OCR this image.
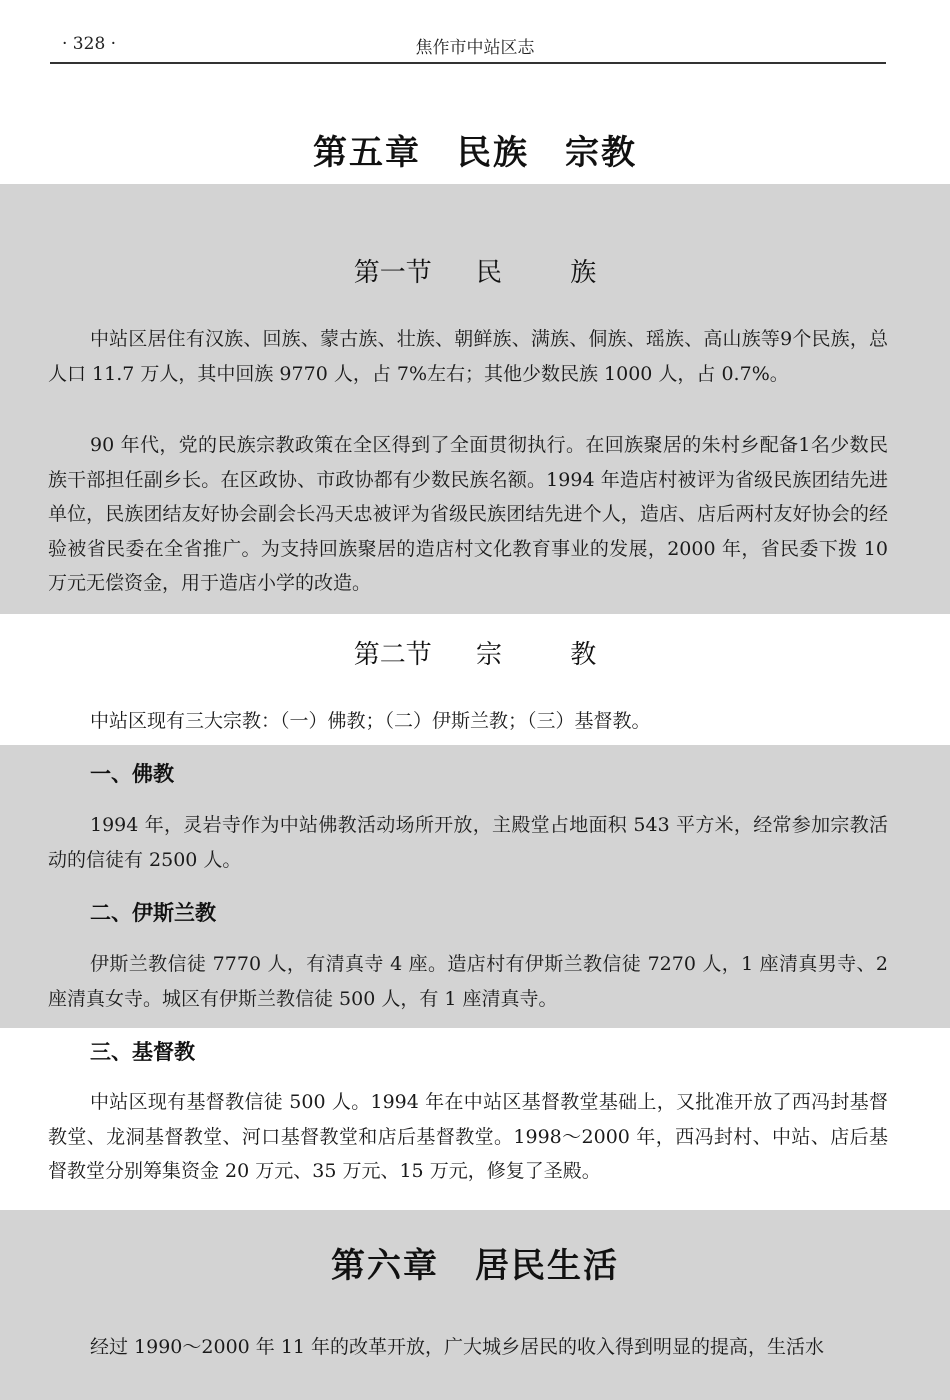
· 328 ·	焦作市中站区志
第五章　民族　宗教
第一节 民	族

中站区居住有汉族、回族、蒙古族、壮族、朝鲜族、满族、侗族、瑶族、高山族等9个民族，总人口 11.7 万人，其中回族 9770 人，占 7%左右；其他少数民族 1000 人，占 0.7%。

90 年代，党的民族宗教政策在全区得到了全面贯彻执行。在回族聚居的朱村乡配备1名少数民族干部担任副乡长。在区政协、市政协都有少数民族名额。1994 年造店村被评为省级民族团结先进单位，民族团结友好协会副会长冯天忠被评为省级民族团结先进个人，造店、店后两村友好协会的经验被省民委在全省推广。为支持回族聚居的造店村文化教育事业的发展，2000 年，省民委下拨 10 万元无偿资金，用于造店小学的改造。

第二节 宗	教

中站区现有三大宗教：（一）佛教；（二）伊斯兰教；（三）基督教。

一、佛教

1994 年，灵岩寺作为中站佛教活动场所开放，主殿堂占地面积 543 平方米，经常参加宗教活动的信徒有 2500 人。

二、伊斯兰教

伊斯兰教信徒 7770 人，有清真寺 4 座。造店村有伊斯兰教信徒 7270 人，1 座清真男寺、2 座清真女寺。城区有伊斯兰教信徒 500 人，有 1 座清真寺。

三、基督教

中站区现有基督教信徒 500 人。1994 年在中站区基督教堂基础上，又批准开放了西冯封基督教堂、龙洞基督教堂、河口基督教堂和店后基督教堂。1998～2000 年，西冯封村、中站、店后基督教堂分别筹集资金 20 万元、35 万元、15 万元，修复了圣殿。

第六章　居民生活

经过 1990～2000 年 11 年的改革开放，广大城乡居民的收入得到明显的提高，生活水
